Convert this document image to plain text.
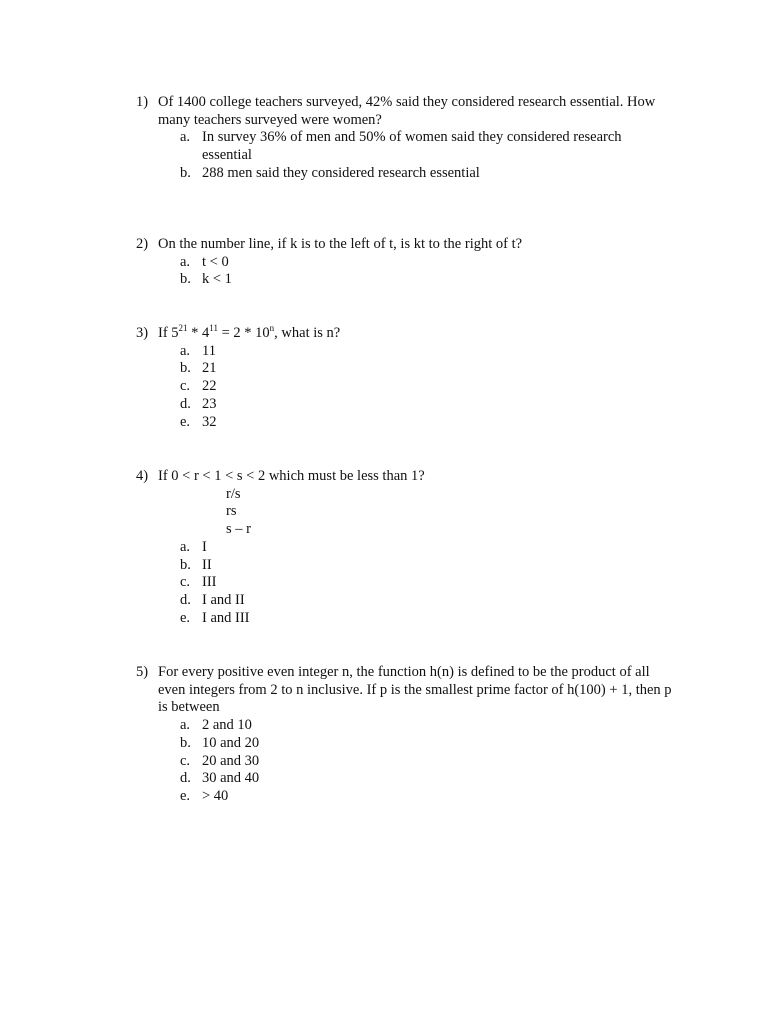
1) Of 1400 college teachers surveyed, 42% said they considered research essential. How many teachers surveyed were women?
a. In survey 36% of men and 50% of women said they considered research essential
b. 288 men said they considered research essential
2) On the number line, if k is to the left of t, is kt to the right of t?
a. t < 0
b. k < 1
3) If $5^{21} * 4^{11} = 2 * 10^n$, what is n?
a. 11
b. 21
c. 22
d. 23
e. 32
4) If 0 < r < 1 < s < 2 which must be less than 1?
r/s
rs
s – r
a. I
b. II
c. III
d. I and II
e. I and III
5) For every positive even integer n, the function h(n) is defined to be the product of all even integers from 2 to n inclusive. If p is the smallest prime factor of h(100) + 1, then p is between
a. 2 and 10
b. 10 and 20
c. 20 and 30
d. 30 and 40
e. > 40
